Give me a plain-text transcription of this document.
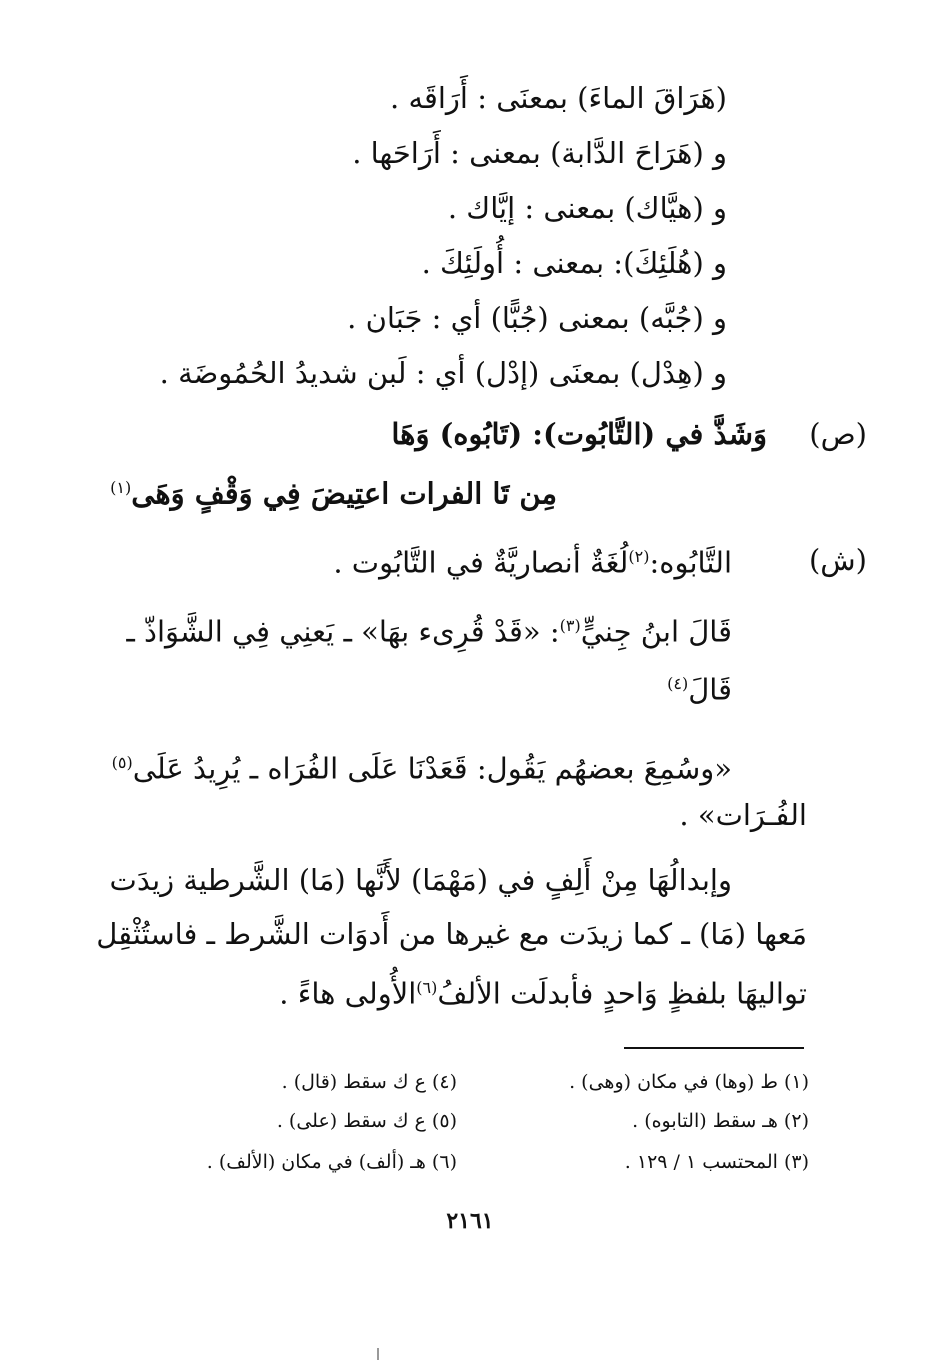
(هَرَاقَ الماءَ) بمعنَى : أَرَاقَه .
و (هَرَاحَ الدَّابة) بمعنى : أَرَاحَها .
و (هيَّاك) بمعنى : إيَّاك .
و (هُلَئِكَ): بمعنى : أُولَئِكَ .
و (جُبَّه) بمعنى (جُبًّا) أي : جَبَان .
و (هِدْل) بمعنَى (إدْل) أي : لَبن شديدُ الحُمُوضَة .
(ص)
وَشَذَّ في (التَّابُوت): (تَابُوه) وَهَا
مِن تَا الفرات اعتِيضَ فِي وَقْفٍ وَهَى$^{(١)}$
(ش)
التَّابُوه:$^{(٢)}$لُغَةٌ أنصاريَّةٌ في التَّابُوت .
قَالَ ابنُ جِنيٍّ$^{(٣)}$: «قَدْ قُرِىء بهَا» ـ يَعنِي فِي الشَّوَاذّ ـ
قَالَ$^{(٤)}$
«وسُمِعَ بعضهُم يَقُول: قَعَدْنَا عَلَى الفُرَاه ـ يُرِيدُ عَلَى$^{(٥)}$
الفُـرَات» .
وإبدالُهَا مِنْ أَلِفٍ في (مَهْمَا) لأَنَّها (مَا) الشَّرطية زيدَت
مَعها (مَا) ـ كما زيدَت مع غيرها من أَدوَات الشَّرط ـ فاستُثْقِل
تواليهَا بلفظٍ وَاحدٍ فأبدلَت الألفُ$^{(٦)}$الأُولى هاءً .
(١) ط (وها) في مكان (وهى) .
(٢) هـ سقط (التابوه) .
(٣) المحتسب ١ / ١٢٩ .
(٤) ع ك سقط (قال) .
(٥) ع ك سقط (على) .
(٦) هـ (ألف) في مكان (الألف) .
٢١٦١
